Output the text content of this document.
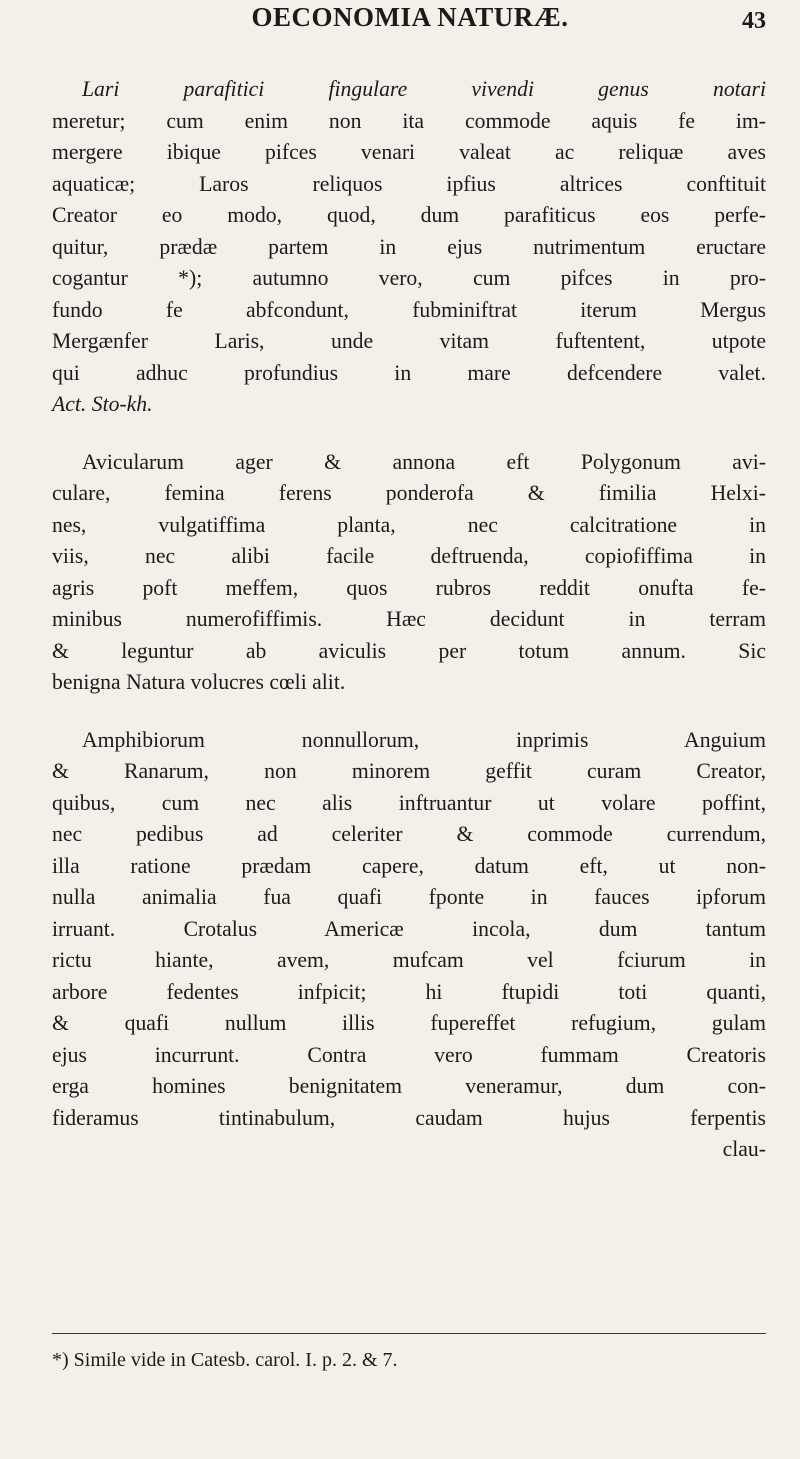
OECONOMIA NATURÆ.	43
Lari parafitici fingulare vivendi genus notari
meretur; cum enim non ita commode aquis fe im-
mergere ibique pifces venari valeat ac reliquæ aves
aquaticæ; Laros reliquos ipfius altrices conftituit
Creator eo modo, quod, dum parafiticus eos perfe-
quitur, prædæ partem in ejus nutrimentum eructare
cogantur *); autumno vero, cum pifces in pro-
fundo fe abfcondunt, fubminiftrat iterum Mergus
Mergænfer Laris, unde vitam fuftentent, utpote
qui adhuc profundius in mare defcendere valet.
Act. Sto-kh.
Avicularum ager & annona eft Polygonum avi-
culare, femina ferens ponderofa & fimilia Helxi-
nes, vulgatiffima planta, nec calcitratione in
viis, nec alibi facile deftruenda, copiofiffima in
agris poft meffem, quos rubros reddit onufta fe-
minibus numerofiffimis. Hæc decidunt in terram
& leguntur ab aviculis per totum annum. Sic
benigna Natura volucres cœli alit.
Amphibiorum nonnullorum, inprimis Anguium
& Ranarum, non minorem geffit curam Creator,
quibus, cum nec alis inftruantur ut volare poffint,
nec pedibus ad celeriter & commode currendum,
illa ratione prædam capere, datum eft, ut non-
nulla animalia fua quafi fponte in fauces ipforum
irruant. Crotalus Americæ incola, dum tantum
rictu hiante, avem, mufcam vel fciurum in
arbore fedentes infpicit; hi ftupidi toti quanti,
& quafi nullum illis fupereffet refugium, gulam
ejus incurrunt. Contra vero fummam Creatoris
erga homines benignitatem veneramur, dum con-
fideramus tintinabulum, caudam hujus ferpentis
clau-
*) Simile vide in Catesb. carol. I. p. 2. & 7.
